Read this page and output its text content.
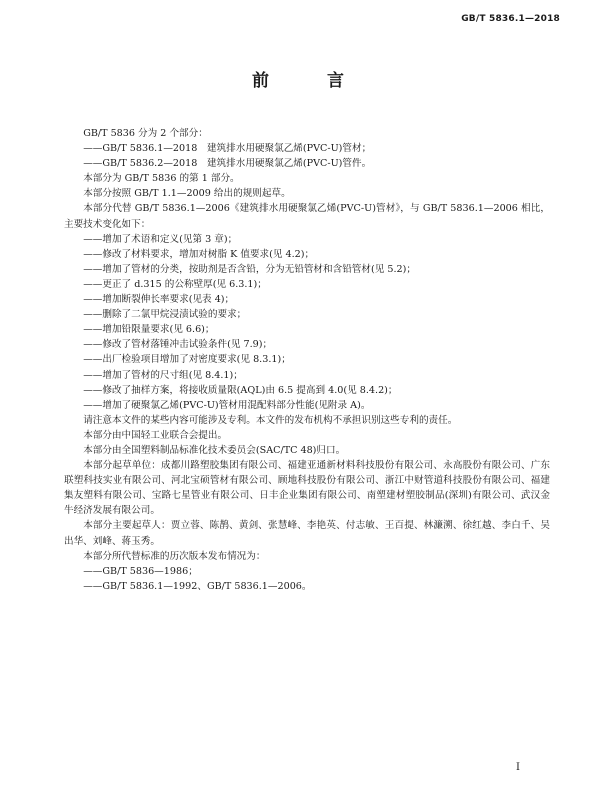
GB/T 5836.1—2018
前 言

GB/T 5836 分为 2 个部分：

——GB/T 5836.1—2018　建筑排水用硬聚氯乙烯(PVC-U)管材；

——GB/T 5836.2—2018　建筑排水用硬聚氯乙烯(PVC-U)管件。

本部分为 GB/T 5836 的第 1 部分。

本部分按照 GB/T 1.1—2009 给出的规则起草。

本部分代替 GB/T 5836.1—2006《建筑排水用硬聚氯乙烯(PVC-U)管材》，与 GB/T 5836.1—2006 相比，主要技术变化如下：

——增加了术语和定义(见第 3 章)；

——修改了材料要求，增加对树脂 K 值要求(见 4.2)；

——增加了管材的分类，按助剂是否含铅，分为无铅管材和含铅管材(见 5.2)；

——更正了 d.315 的公称壁厚(见 6.3.1)；

——增加断裂伸长率要求(见表 4)；

——删除了二氯甲烷浸渍试验的要求；

——增加铅限量要求(见 6.6)；

——修改了管材落锤冲击试验条件(见 7.9)；

——出厂检验项目增加了对密度要求(见 8.3.1)；

——增加了管材的尺寸组(见 8.4.1)；

——修改了抽样方案，将接收质量限(AQL)由 6.5 提高到 4.0(见 8.4.2)；

——增加了硬聚氯乙烯(PVC-U)管材用混配料部分性能(见附录 A)。

请注意本文件的某些内容可能涉及专利。本文件的发布机构不承担识别这些专利的责任。

本部分由中国轻工业联合会提出。

本部分由全国塑料制品标准化技术委员会(SAC/TC 48)归口。

本部分起草单位：成都川路塑胶集团有限公司、福建亚通新材料科技股份有限公司、永高股份有限公司、广东联塑科技实业有限公司、河北宝硕管材有限公司、顾地科技股份有限公司、浙江中财管道科技股份有限公司、福建集友塑料有限公司、宝路七星管业有限公司、日丰企业集团有限公司、南塑建材塑胶制品(深圳)有限公司、武汉金牛经济发展有限公司。

本部分主要起草人：贾立蓉、陈鹊、黄剑、张慧峰、李艳英、付志敏、王百提、林濂溯、徐红越、李白千、吴出华、刘峰、蒋玉秀。

本部分所代替标准的历次版本发布情况为：

——GB/T 5836—1986；

——GB/T 5836.1—1992、GB/T 5836.1—2006。

I
